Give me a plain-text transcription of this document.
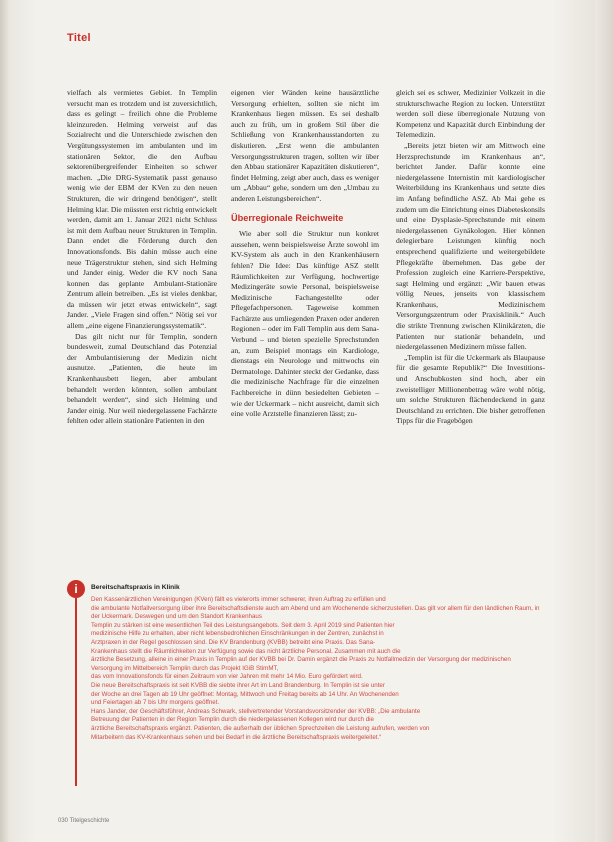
Titel

vielfach als vermietes Gebiet. In Templin versucht man es trotzdem und ist zuversichtlich, dass es gelingt – freilich ohne die Probleme kleinzureden. Helming verweist auf das Sozialrecht und die Unterschiede zwischen den Vergütungssystemen im ambulanten und im stationären Sektor, die den Aufbau sektorenübergreifender Einheiten so schwer machen. „Die DRG-Systematik passt genauso wenig wie der EBM der KVen zu den neuen Strukturen, die wir dringend benötigen“, stellt Helming klar. Die müssten erst richtig entwickelt werden, damit am 1. Januar 2021 nicht Schluss ist mit dem Aufbau neuer Strukturen in Templin. Dann endet die Förderung durch den Innovationsfonds. Bis dahin müsse auch eine neue Trägerstruktur stehen, sind sich Helming und Jander einig. Weder die KV noch Sana konnen das geplante Ambulant-Stationäre Zentrum allein betreiben. „Es ist vieles denkbar, da müssen wir jetzt etwas entwickeln“, sagt Jander. „Viele Fragen sind offen.“ Nötig sei vor allem „eine eigene Finanzierungssystematik“.

Das gilt nicht nur für Templin, sondern bundesweit, zumal Deutschland das Potenzial der Ambulantisierung der Medizin nicht ausnutze. „Patienten, die heute im Krankenhausbett liegen, aber ambulant behandelt werden könnten, sollen ambulant behandelt werden“, sind sich Helming und Jander einig. Nur weil niedergelassene Fachärzte fehlten oder allein stationäre Patienten in den

eigenen vier Wänden keine hausärztliche Versorgung erhielten, sollten sie nicht im Krankenhaus liegen müssen. Es sei deshalb auch zu früh, um in großem Stil über die Schließung von Krankenhausstandorten zu diskutieren. „Erst wenn die ambulanten Versorgungsstrukturen tragen, sollten wir über den Abbau stationärer Kapazitäten diskutieren“, findet Helming, zeigt aber auch, dass es weniger um „Abbau“ gehe, sondern um den „Umbau zu anderen Leistungsbereichen“.

Überregionale Reichweite

Wie aber soll die Struktur nun konkret aussehen, wenn beispielsweise Ärzte sowohl im KV-System als auch in den Krankenhäusern fehlen? Die Idee: Das künftige ASZ stellt Räumlichkeiten zur Verfügung, hochwertige Medizingeräte sowie Personal, beispielsweise Medizinische Fachangestellte oder Pflegefachpersonen. Tageweise kommen Fachärzte aus umliegenden Praxen oder anderen Regionen – oder im Fall Templin aus dem Sana-Verbund – und bieten spezielle Sprechstunden an, zum Beispiel montags ein Kardiologe, dienstags ein Neurologe und mittwochs ein Dermatologe. Dahinter steckt der Gedanke, dass die medizinische Nachfrage für die einzelnen Fachbereiche in dünn besiedelten Gebieten – wie der Uckermark – nicht ausreicht, damit sich eine volle Arztstelle finanzieren lässt; zu-

gleich sei es schwer, Medizinier Volkzeit in die strukturschwache Region zu locken. Unterstützt werden soll diese überregionale Nutzung von Kompetenz und Kapazität durch Einbindung der Telemedizin.

„Bereits jetzt bieten wir am Mittwoch eine Herzsprechstunde im Krankenhaus an“, berichtet Jander. Dafür konnte eine niedergelassene Internistin mit kardiologischer Weiterbildung ins Krankenhaus und setzte dies im Anfang befindliche ASZ. Ab Mai gehe es zudem um die Einrichtung eines Diabeteskonsils und eine Dysplasie-Sprechstunde mit einem niedergelassenen Gynäkologen. Hier können delegierbare Leistungen künftig noch entsprechend qualifizierte und weitergebildete Pflegekräfte übernehmen. Das gebe der Profession zugleich eine Karriere-Perspektive, sagt Helming und ergänzt: „Wir bauen etwas völlig Neues, jenseits von klassischem Krankenhaus, Medizinischem Versorgungszentrum oder Praxisklinik.“ Auch die strikte Trennung zwischen Klinikärzten, die Patienten nur stationär behandeln, und niedergelassenen Medizinern müsse fallen.

„Templin ist für die Uckermark als Blaupause für die gesamte Republik?“ Die Investitions- und Anschubkosten sind hoch, aber ein zweistelliger Millionenbetrag wäre wohl nötig, um solche Strukturen flächendeckend in ganz Deutschland zu errichten. Die bisher getroffenen Tipps für die Fragebögen

i	Bereitschaftspraxis in Klinik

Den Kassenärztlichen Vereinigungen (KVen) fällt es vielerorts immer schwerer, ihren Auftrag zu erfüllen und

die ambulante Notfallversorgung über ihre Bereitschaftsdienste auch am Abend und am Wochenende sicherzustellen. Das gilt vor allem für den ländlichen Raum, in der Uckermark. Deswegen und um den Standort Krankenhaus

Templin zu stärken ist eine wesentlichen Teil des Leistungsangebots. Seit dem 3. April 2019 sind Patienten hier

medizinische Hilfe zu erhalten, aber nicht lebensbedrohlichen Einschränkungen in der Zentren, zunächst in

Arztpraxen in der Regel geschlossen sind. Die KV Brandenburg (KVBB) betreibt eine Praxis. Das Sana-

Krankenhaus stellt die Räumlichkeiten zur Verfügung sowie das nicht ärztliche Personal. Zusammen mit auch die

ärztliche Besetzung, alleine in einer Praxis in Templin auf der KVBB bei Dr. Damin ergänzt die Praxis zu Notfallmedizin der Versorgung der medizinischen Versorgung im Mittelbereich Templin durch das Projekt IGiB StimMT,

das vom Innovationsfonds für einen Zeitraum von vier Jahren mit mehr 14 Mio. Euro gefördert wird.

Die neue Bereitschaftspraxis ist seit KVBB die siebte ihrer Art im Land Brandenburg. In Templin ist sie unter

der Woche an drei Tagen ab 19 Uhr geöffnet: Montag, Mittwoch und Freitag bereits ab 14 Uhr. An Wochenenden

und Feiertagen ab 7 bis Uhr morgens geöffnet.

Hans Jander, der Geschäftsführer, Andreas Schwark, stellvertretender Vorstandsvorsitzender der KVBB: „Die ambulante

Betreuung der Patienten in der Region Templin durch die niedergelassenen Kollegen wird nur durch die

ärztliche Bereitschaftspraxis ergänzt. Patienten, die außerhalb der üblichen Sprechzeiten die Leistung aufrufen, werden von

Mitarbeitern das KV-Krankenhaus sehen und bei Bedarf in die ärztliche Bereitschaftspraxis weitergeleitet.“

030 Titelgeschichte
